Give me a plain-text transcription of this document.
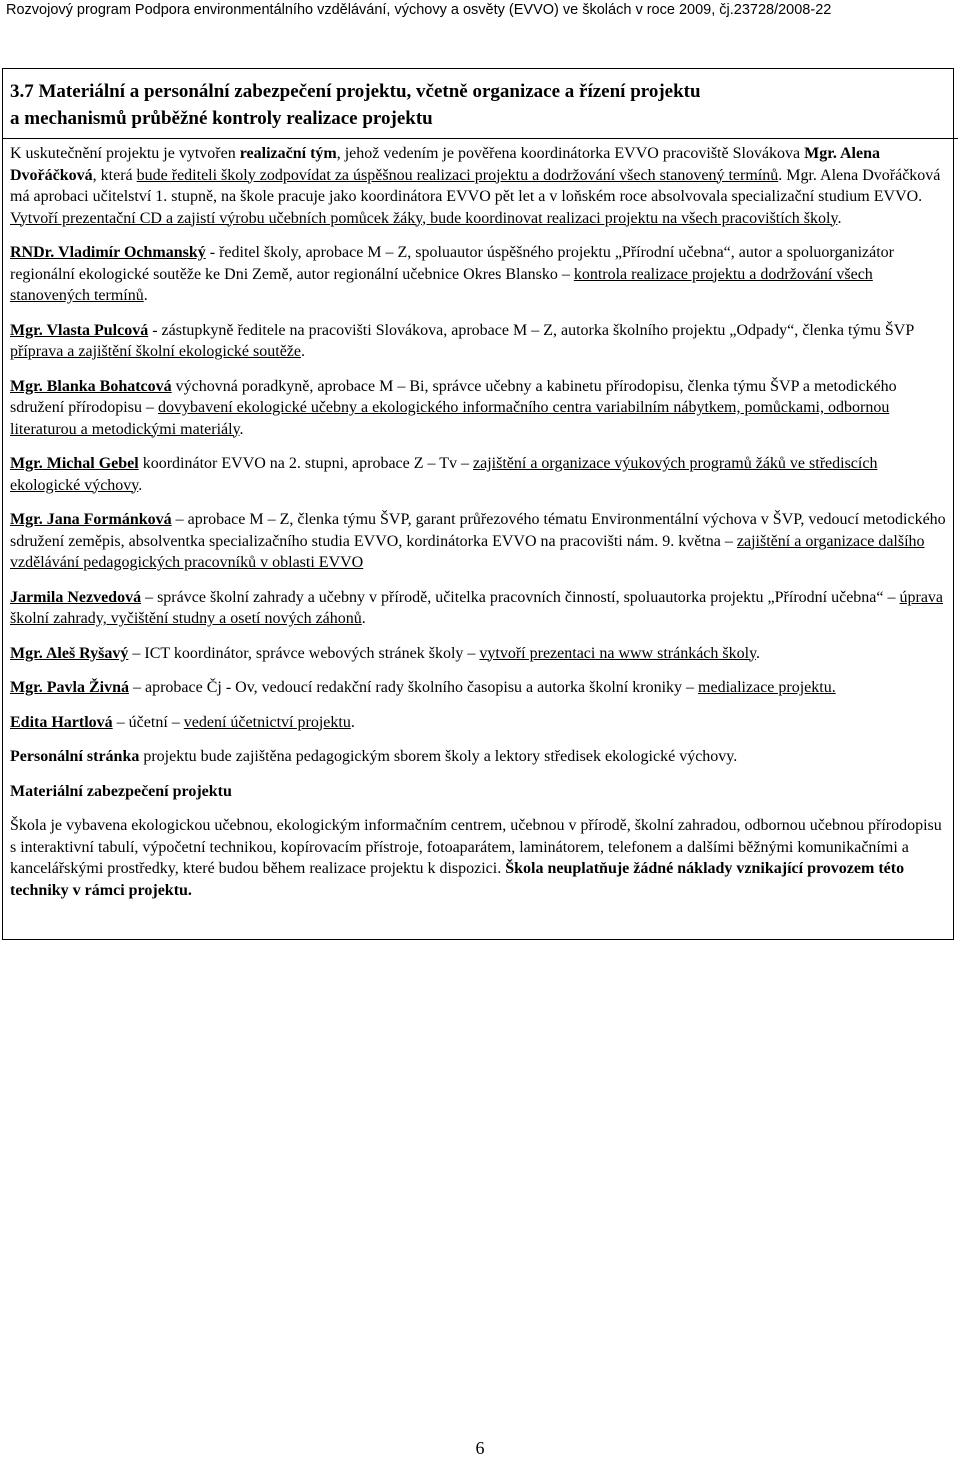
Rozvojový program Podpora environmentálního vzdělávání, výchovy a osvěty (EVVO) ve školách v roce 2009, čj.23728/2008-22
3.7 Materiální a personální zabezpečení projektu, včetně organizace a řízení projektu
a mechanismů průběžné kontroly realizace projektu

K uskutečnění projektu je vytvořen realizační tým, jehož vedením je pověřena koordinátorka EVVO pracoviště Slovákova Mgr. Alena Dvořáčková, která bude řediteli školy zodpovídat za úspěšnou realizaci projektu a dodržování všech stanovený termínů. Mgr. Alena Dvořáčková má aprobaci učitelství 1. stupně, na škole pracuje jako koordinátora EVVO pět let a v loňském roce absolvovala specializační studium EVVO. Vytvoří prezentační CD a zajistí výrobu učebních pomůcek žáky, bude koordinovat realizaci projektu na všech pracovištích školy.

RNDr. Vladimír Ochmanský - ředitel školy, aprobace M – Z, spoluautor úspěšného projektu „Přírodní učebna“, autor a spoluorganizátor regionální ekologické soutěže ke Dni Země, autor regionální učebnice Okres Blansko – kontrola realizace projektu a dodržování všech stanovených termínů.

Mgr. Vlasta Pulcová - zástupkyně ředitele na pracovišti Slovákova, aprobace M – Z, autorka školního projektu „Odpady“, členka týmu ŠVP příprava a zajištění školní ekologické soutěže.

Mgr. Blanka Bohatcová výchovná poradkyně, aprobace M – Bi, správce učebny a kabinetu přírodopisu, členka týmu ŠVP a metodického sdružení přírodopisu – dovybavení ekologické učebny a ekologického informačního centra variabilním nábytkem, pomůckami, odbornou literaturou a metodickými materiály.

Mgr. Michal Gebel koordinátor EVVO na 2. stupni, aprobace Z – Tv – zajištění a organizace výukových programů žáků ve střediscích ekologické výchovy.

Mgr. Jana Formánková – aprobace M – Z, členka týmu ŠVP, garant průřezového tématu Environmentální výchova v ŠVP, vedoucí metodického sdružení zeměpis, absolventka specializačního studia EVVO, kordinátorka EVVO na pracovišti nám. 9. května – zajištění a organizace dalšího vzdělávání pedagogických pracovníků v oblasti EVVO

Jarmila Nezvedová – správce školní zahrady a učebny v přírodě, učitelka pracovních činností, spoluautorka projektu „Přírodní učebna“ – úprava školní zahrady, vyčištění studny a osetí nových záhonů.

Mgr. Aleš Ryšavý – ICT koordinátor, správce webových stránek školy – vytvoří prezentaci na www stránkách školy.

Mgr. Pavla Živná – aprobace Čj - Ov, vedoucí redakční rady školního časopisu a autorka školní kroniky – medializace projektu.

Edita Hartlová – účetní – vedení účetnictví projektu.

Personální stránka projektu bude zajištěna pedagogickým sborem školy a lektory středisek ekologické výchovy.

Materiální zabezpečení projektu

Škola je vybavena ekologickou učebnou, ekologickým informačním centrem, učebnou v přírodě, školní zahradou, odbornou učebnou přírodopisu s interaktivní tabulí, výpočetní technikou, kopírovacím přístroje, fotoaparátem, laminátorem, telefonem a dalšími běžnými komunikačními a kancelářskými prostředky, které budou během realizace projektu k dispozici. Škola neuplatňuje žádné náklady vznikající provozem této techniky v rámci projektu.

6
